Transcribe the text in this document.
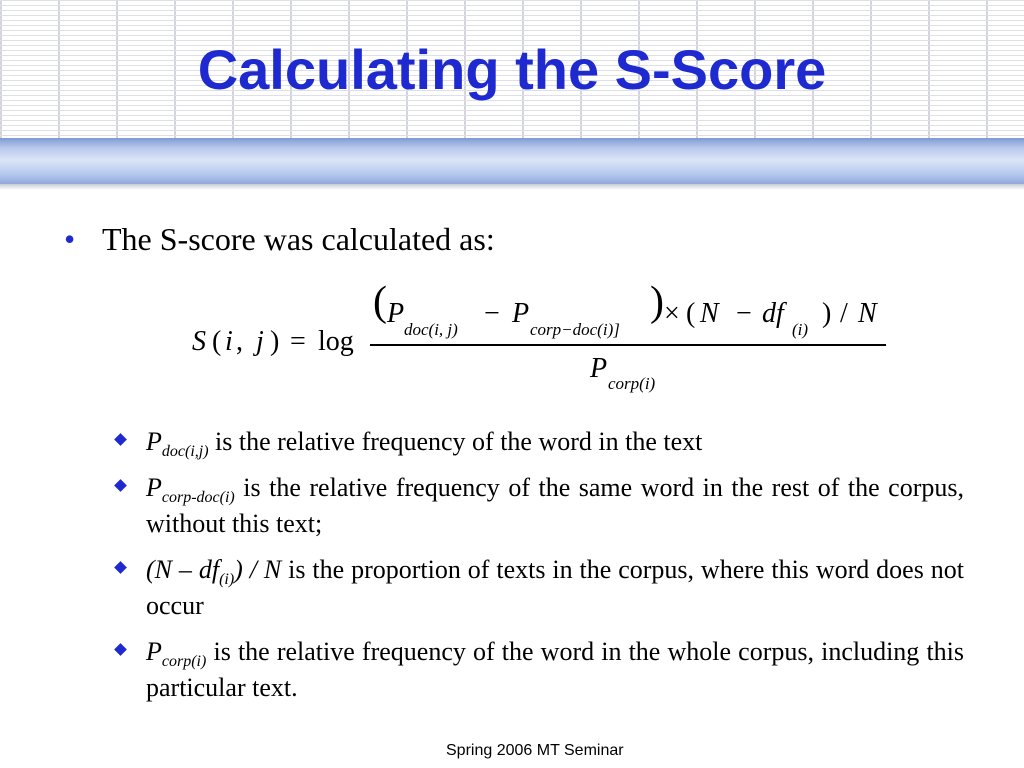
Calculating the S-Score
• The S-score was calculated as:
S ( i , j ) = log
( P
doc(i, j)
− P
corp−doc(i)]
) × ( N − df
(i)
) / N
P corp(i)
$P_{doc(i,j)}$ is the relative frequency of the word in the text
$P_{corp-doc(i)}$ is the relative frequency of the same word in the rest of the corpus, without this text;
$(N - df_{(i)})$ / N is the proportion of texts in the corpus, where this word does not occur
$P_{corp(i)}$ is the relative frequency of the word in the whole corpus, including this particular text.
Spring 2006 MT Seminar
